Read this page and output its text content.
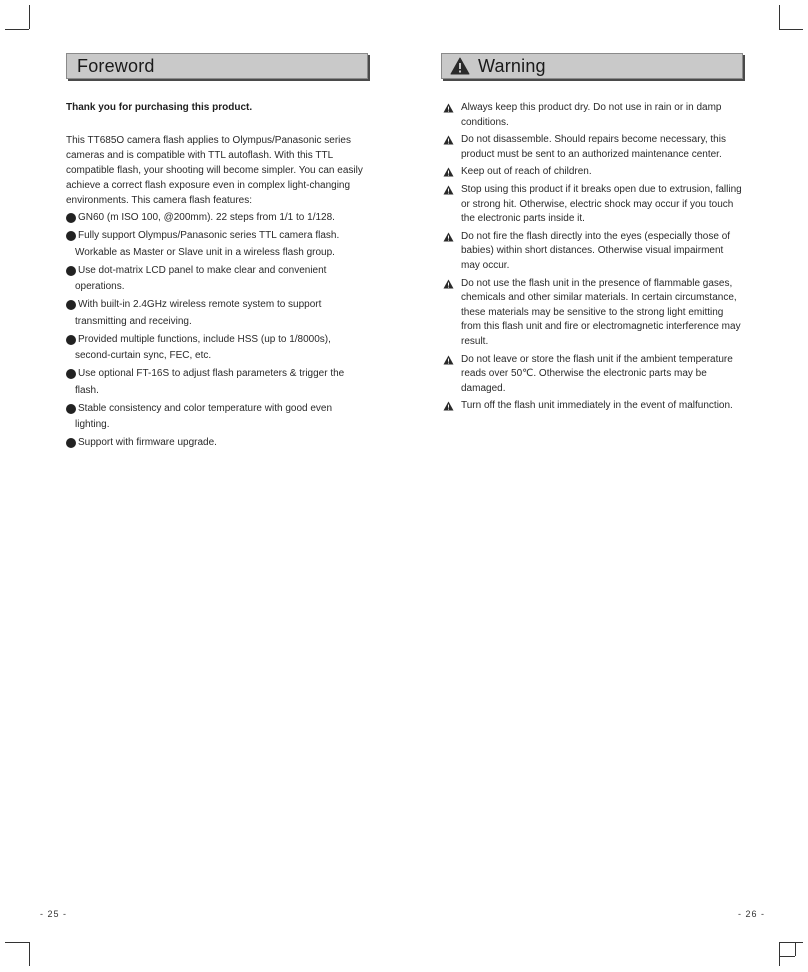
Foreword
Thank you for purchasing this product.
This TT685O camera flash applies to Olympus/Panasonic series cameras and is compatible with TTL autoflash. With this TTL compatible flash, your shooting will become simpler. You can easily achieve a correct flash exposure even in complex light-changing environments. This camera flash features:
GN60 (m ISO 100, @200mm). 22 steps from 1/1 to 1/128.
Fully support Olympus/Panasonic series TTL camera flash. Workable as Master or Slave unit in a wireless flash group.
Use dot-matrix LCD panel to make clear and convenient operations.
With built-in 2.4GHz wireless remote system to support transmitting and receiving.
Provided multiple functions, include HSS (up to 1/8000s), second-curtain sync, FEC, etc.
Use optional FT-16S to adjust flash parameters & trigger the flash.
Stable consistency and color temperature with good even lighting.
Support with firmware upgrade.
Warning
Always keep this product dry. Do not use in rain or in damp conditions.
Do not disassemble. Should repairs become necessary, this product must be sent to an authorized maintenance center.
Keep out of reach of children.
Stop using this product if it breaks open due to extrusion, falling or strong hit. Otherwise, electric shock may occur if you touch the electronic parts inside it.
Do not fire the flash directly into the eyes (especially those of babies) within short distances. Otherwise visual impairment may occur.
Do not use the flash unit in the presence of flammable gases, chemicals and other similar materials. In certain circumstance, these materials may be sensitive to the strong light emitting from this flash unit and fire or electromagnetic interference may result.
Do not leave or store the flash unit if the ambient temperature reads over 50℃. Otherwise the electronic parts may be damaged.
Turn off the flash unit immediately in the event of malfunction.
- 25 -	- 26 -
